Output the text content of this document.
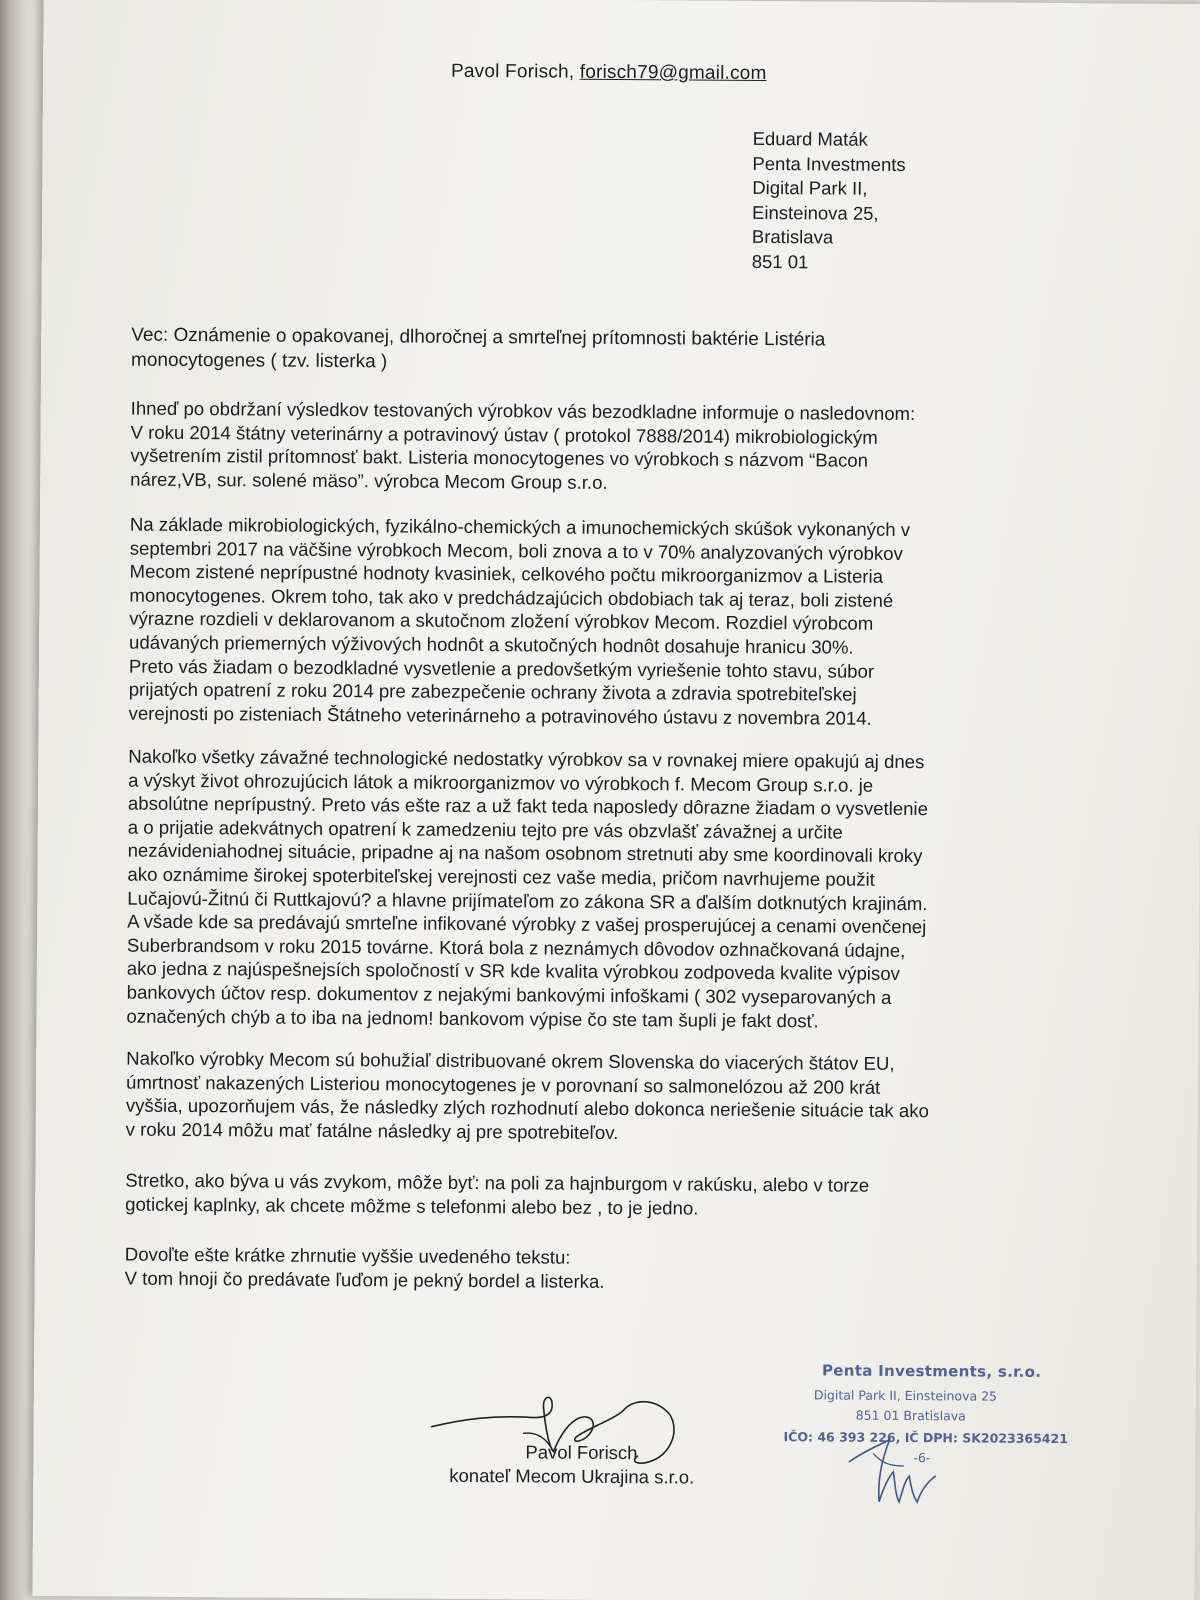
Pavol Forisch, forisch79@gmail.com
Eduard Maták
Penta Investments
Digital Park II,
Einsteinova 25,
Bratislava
851 01
Vec: Oznámenie o opakovanej, dlhoročnej a smrteľnej prítomnosti baktérie Listéria
monocytogenes ( tzv. listerka )
Ihneď po obdržaní výsledkov testovaných výrobkov vás bezodkladne informuje o nasledovnom:
V roku 2014 štátny veterinárny a potravinový ústav ( protokol 7888/2014) mikrobiologickým
vyšetrením zistil prítomnosť bakt. Listeria monocytogenes vo výrobkoch s názvom “Bacon
nárez,VB, sur. solené mäso”. výrobca Mecom Group s.r.o.
Na základe mikrobiologických, fyzikálno-chemických a imunochemických skúšok vykonaných v
septembri 2017 na väčšine výrobkoch Mecom, boli znova a to v 70% analyzovaných výrobkov
Mecom zistené neprípustné hodnoty kvasiniek, celkového počtu mikroorganizmov a Listeria
monocytogenes. Okrem toho, tak ako v predchádzajúcich obdobiach tak aj teraz, boli zistené
výrazne rozdieli v deklarovanom a skutočnom zložení výrobkov Mecom. Rozdiel výrobcom
udávaných priemerných výživových hodnôt a skutočných hodnôt dosahuje hranicu 30%.
Preto vás žiadam o bezodkladné vysvetlenie a predovšetkým vyriešenie tohto stavu, súbor
prijatých opatrení z roku 2014 pre zabezpečenie ochrany života a zdravia spotrebiteľskej
verejnosti po zisteniach Štátneho veterinárneho a potravinového ústavu z novembra 2014.
Nakoľko všetky závažné technologické nedostatky výrobkov sa v rovnakej miere opakujú aj dnes
a výskyt život ohrozujúcich látok a mikroorganizmov vo výrobkoch f. Mecom Group s.r.o. je
absolútne neprípustný. Preto vás ešte raz a už fakt teda naposledy dôrazne žiadam o vysvetlenie
a o prijatie adekvátnych opatrení k zamedzeniu tejto pre vás obzvlašť závažnej a určite
nezávideniahodnej situácie, pripadne aj na našom osobnom stretnuti aby sme koordinovali kroky
ako oznámime širokej spoterbiteľskej verejnosti cez vaše media, pričom navrhujeme použit
Lučajovú-Žitnú či Ruttkajovú? a hlavne prijímateľom zo zákona SR a ďalším dotknutých krajinám.
A všade kde sa predávajú smrteľne infikované výrobky z vašej prosperujúcej a cenami ovenčenej
Suberbrandsom v roku 2015 továrne. Ktorá bola z neznámych dôvodov ozhnačkovaná údajne,
ako jedna z najúspešnejsích spoločností v SR kde kvalita výrobkou zodpoveda kvalite výpisov
bankovych účtov resp. dokumentov z nejakými bankovými infoškami ( 302 vyseparovaných a
označených chýb a to iba na jednom! bankovom výpise čo ste tam šupli je fakt dosť.
Nakoľko výrobky Mecom sú bohužiaľ distribuované okrem Slovenska do viacerých štátov EU,
úmrtnosť nakazených Listeriou monocytogenes je v porovnaní so salmonelózou až 200 krát
vyššia, upozorňujem vás, že následky zlých rozhodnutí alebo dokonca neriešenie situácie tak ako
v roku 2014 môžu mať fatálne následky aj pre spotrebiteľov.
Stretko, ako býva u vás zvykom, môže byť: na poli za hajnburgom v rakúsku, alebo v torze
gotickej kaplnky, ak chcete môžme s telefonmi alebo bez , to je jedno.
Dovoľte ešte krátke zhrnutie vyššie uvedeného tekstu:
V tom hnoji čo predávate ľuďom je pekný bordel a listerka.
Pavol Forisch
konateľ Mecom Ukrajina s.r.o.
Penta Investments, s.r.o.
Digital Park II, Einsteinova 25
851 01 Bratislava
IČO: 46 393 226, IČ DPH: SK2023365421
-6-
